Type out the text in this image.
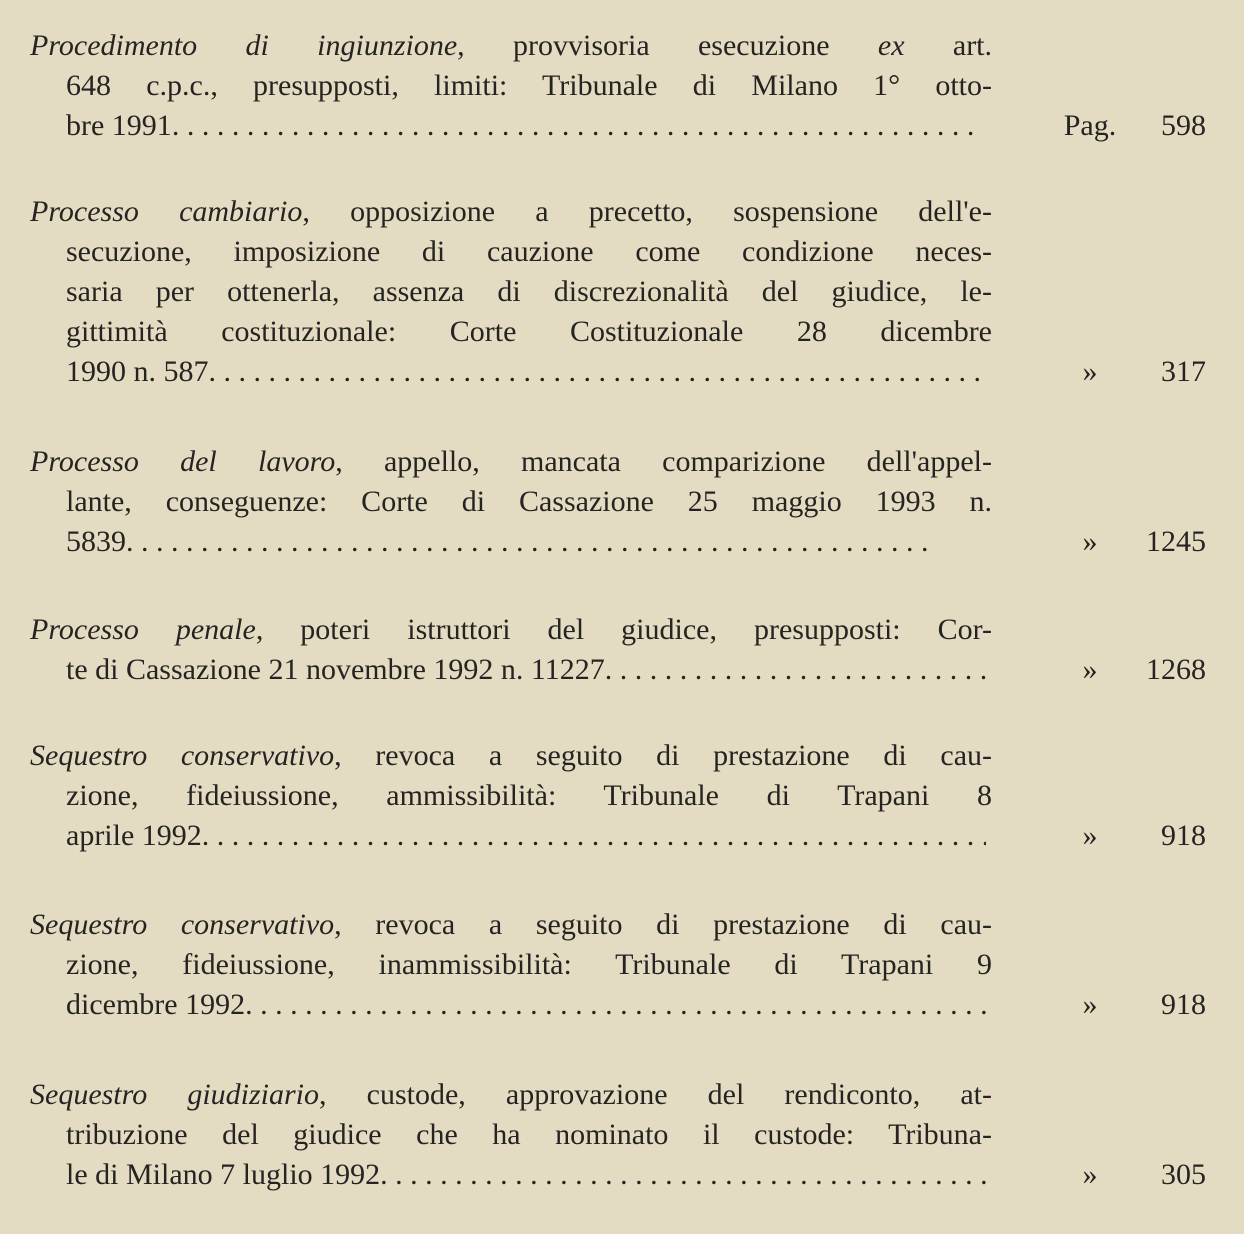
Procedimento di ingiunzione, provvisoria esecuzione ex art.
648 c.p.c., presupposti, limiti: Tribunale di Milano 1° otto-
bre 1991 . . .	Pag. 598
Processo cambiario, opposizione a precetto, sospensione dell'e-
secuzione, imposizione di cauzione come condizione neces-
saria per ottenerla, assenza di discrezionalità del giudice, le-
gittimità costituzionale: Corte Costituzionale 28 dicembre
1990 n. 587 . . .	»	317
Processo del lavoro, appello, mancata comparizione dell'appel-
lante, conseguenze: Corte di Cassazione 25 maggio 1993 n.
5839 . . .	»	1245
Processo penale, poteri istruttori del giudice, presupposti: Cor-
te di Cassazione 21 novembre 1992 n. 11227 . . .	»	1268
Sequestro conservativo, revoca a seguito di prestazione di cau-
zione, fideiussione, ammissibilità: Tribunale di Trapani 8
aprile 1992 . . .	»	918
Sequestro conservativo, revoca a seguito di prestazione di cau-
zione, fideiussione, inammissibilità: Tribunale di Trapani 9
dicembre 1992 . . .	»	918
Sequestro giudiziario, custode, approvazione del rendiconto, at-
tribuzione del giudice che ha nominato il custode: Tribuna-
le di Milano 7 luglio 1992 . . .	»	305
